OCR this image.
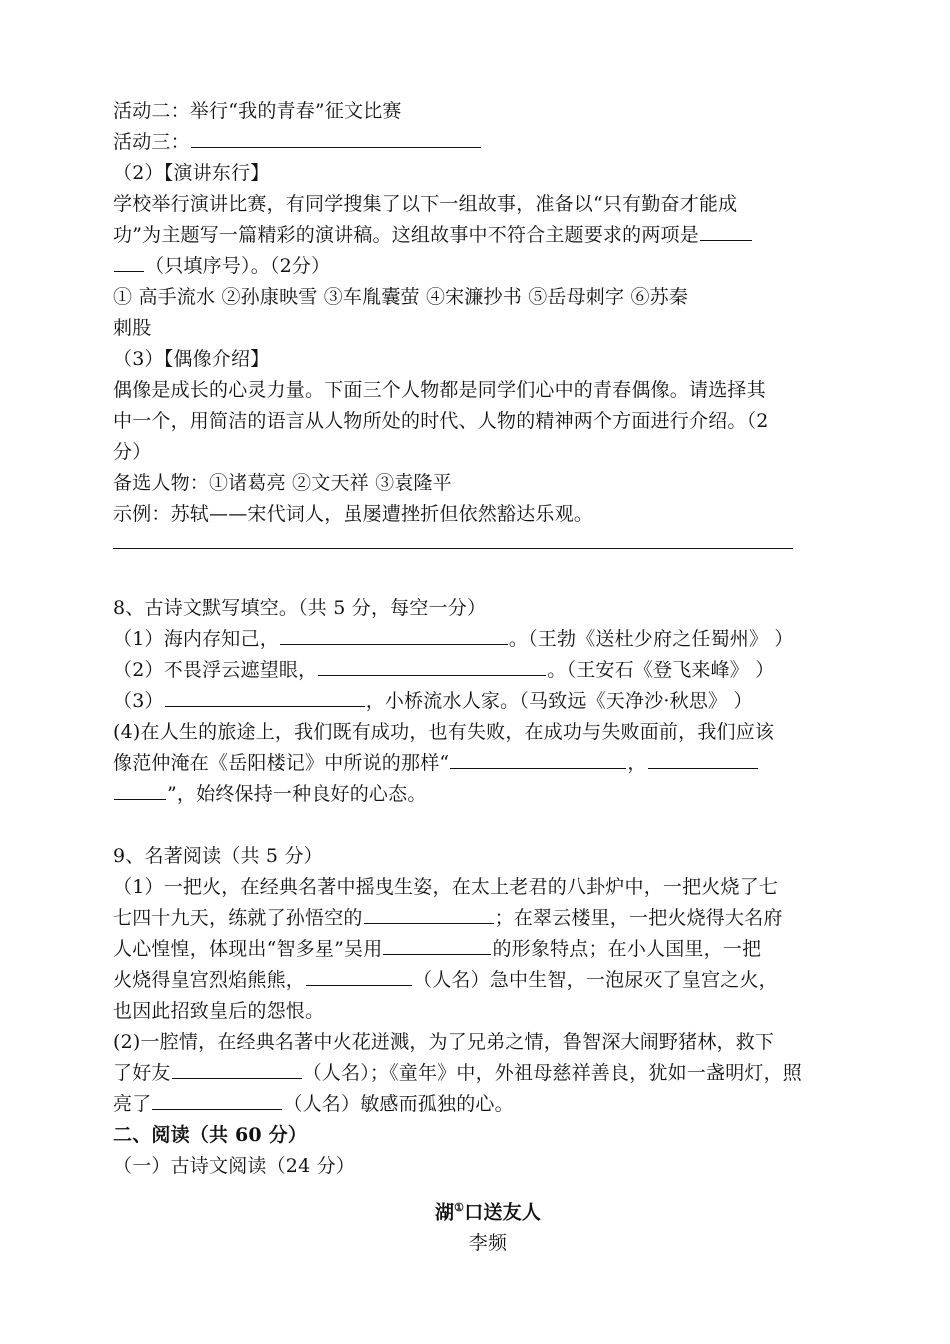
活动二：举行“我的青春”征文比赛
活动三：
（2）【演讲东行】
学校举行演讲比赛，有同学搜集了以下一组故事，准备以“只有勤奋才能成
功”为主题写一篇精彩的演讲稿。这组故事中不符合主题要求的两项是
（只填序号）。（2分）
① 高手流水 ②孙康映雪 ③车胤囊萤 ④宋濂抄书 ⑤岳母刺字 ⑥苏秦
刺股
（3）【偶像介绍】
偶像是成长的心灵力量。下面三个人物都是同学们心中的青春偶像。请选择其
中一个，用简洁的语言从人物所处的时代、人物的精神两个方面进行介绍。（2
分）
备选人物：①诸葛亮 ②文天祥 ③袁隆平
示例：苏轼——宋代词人，虽屡遭挫折但依然豁达乐观。
8、古诗文默写填空。（共 5 分，每空一分）
（1）海内存知己，	。（王勃《送杜少府之任蜀州》 ）
（2）不畏浮云遮望眼，	。（王安石《登飞来峰》 ）
（3）	，小桥流水人家。（马致远《天净沙·秋思》 ）
(4)在人生的旅途上，我们既有成功，也有失败，在成功与失败面前，我们应该
像范仲淹在《岳阳楼记》中所说的那样“	，
”，始终保持一种良好的心态。
9、名著阅读（共 5 分）
（1）一把火，在经典名著中摇曳生姿，在太上老君的八卦炉中，一把火烧了七
七四十九天，练就了孙悟空的	；在翠云楼里，一把火烧得大名府
人心惶惶，体现出“智多星”吴用	的形象特点；在小人国里，一把
火烧得皇宫烈焰熊熊，	（人名）急中生智，一泡尿灭了皇宫之火，
也因此招致皇后的怨恨。
(2)一腔情，在经典名著中火花迸溅，为了兄弟之情，鲁智深大闹野猪林，救下
了好友	（人名）；《童年》中，外祖母慈祥善良，犹如一盏明灯，照
亮了	（人名）敏感而孤独的心。
二、阅读（共 60 分）
（一）古诗文阅读（24 分）
湖①口送友人
李频
